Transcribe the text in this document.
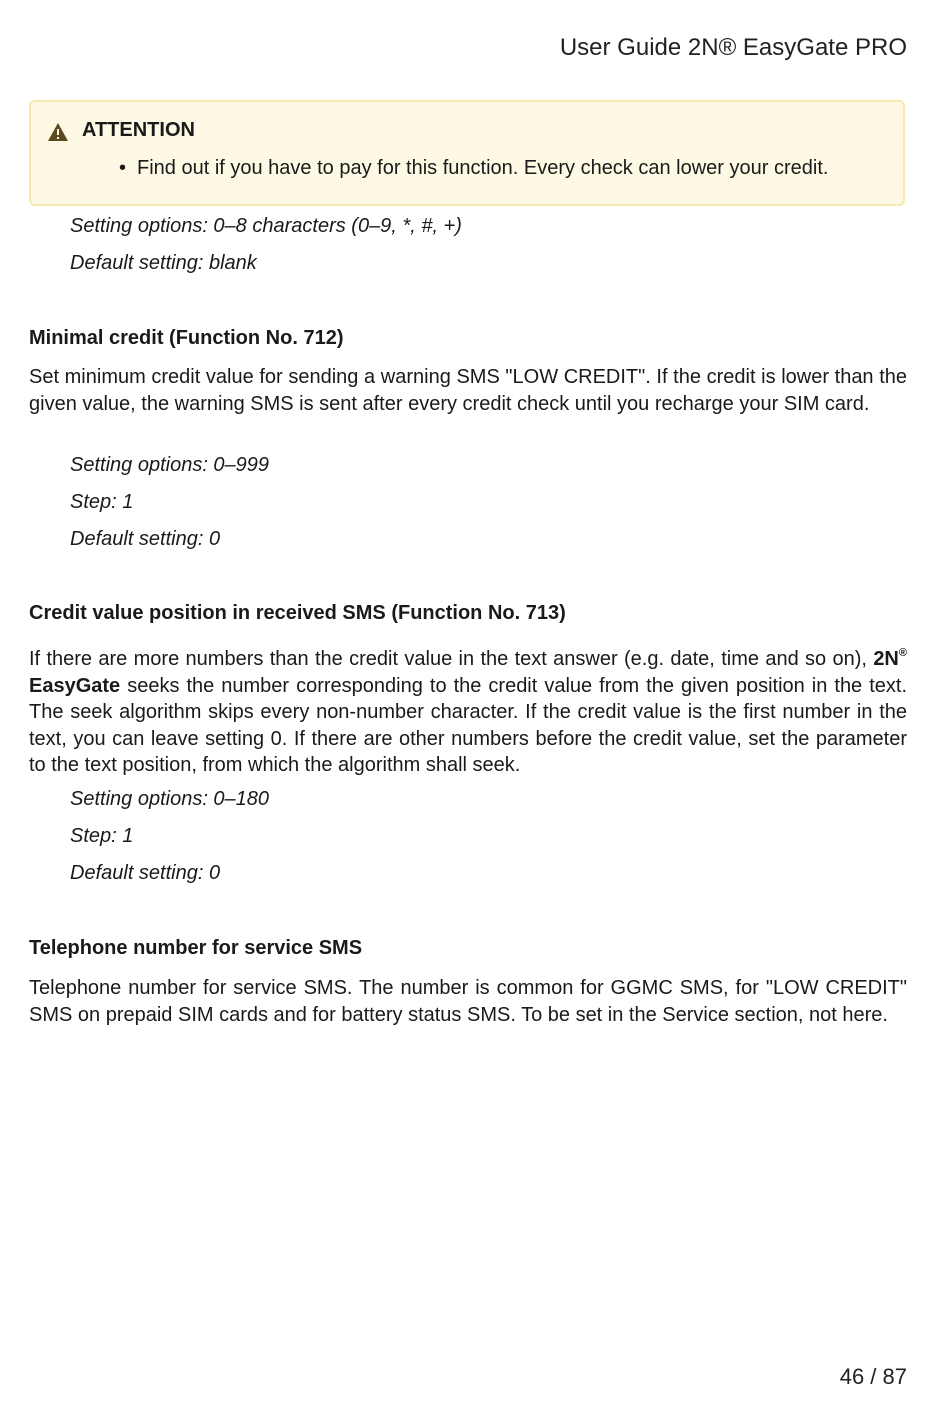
User Guide 2N® EasyGate PRO
ATTENTION
• Find out if you have to pay for this function. Every check can lower your credit.
Setting options: 0–8 characters (0–9, *, #, +)
Default setting: blank
Minimal credit (Function No. 712)

Set minimum credit value for sending a warning SMS "LOW CREDIT". If the credit is lower than the given value, the warning SMS is sent after every credit check until you recharge your SIM card.

Setting options: 0–999
Step: 1
Default setting: 0
Credit value position in received SMS (Function No. 713)

If there are more numbers than the credit value in the text answer (e.g. date, time and so on), 2N® EasyGate seeks the number corresponding to the credit value from the given position in the text. The seek algorithm skips every non-number character. If the credit value is the first number in the text, you can leave setting 0. If there are other numbers before the credit value, set the parameter to the text position, from which the algorithm shall seek.

Setting options: 0–180
Step: 1
Default setting: 0
Telephone number for service SMS

Telephone number for service SMS. The number is common for GGMC SMS, for "LOW CREDIT" SMS on prepaid SIM cards and for battery status SMS. To be set in the Service section, not here.

46 / 87
